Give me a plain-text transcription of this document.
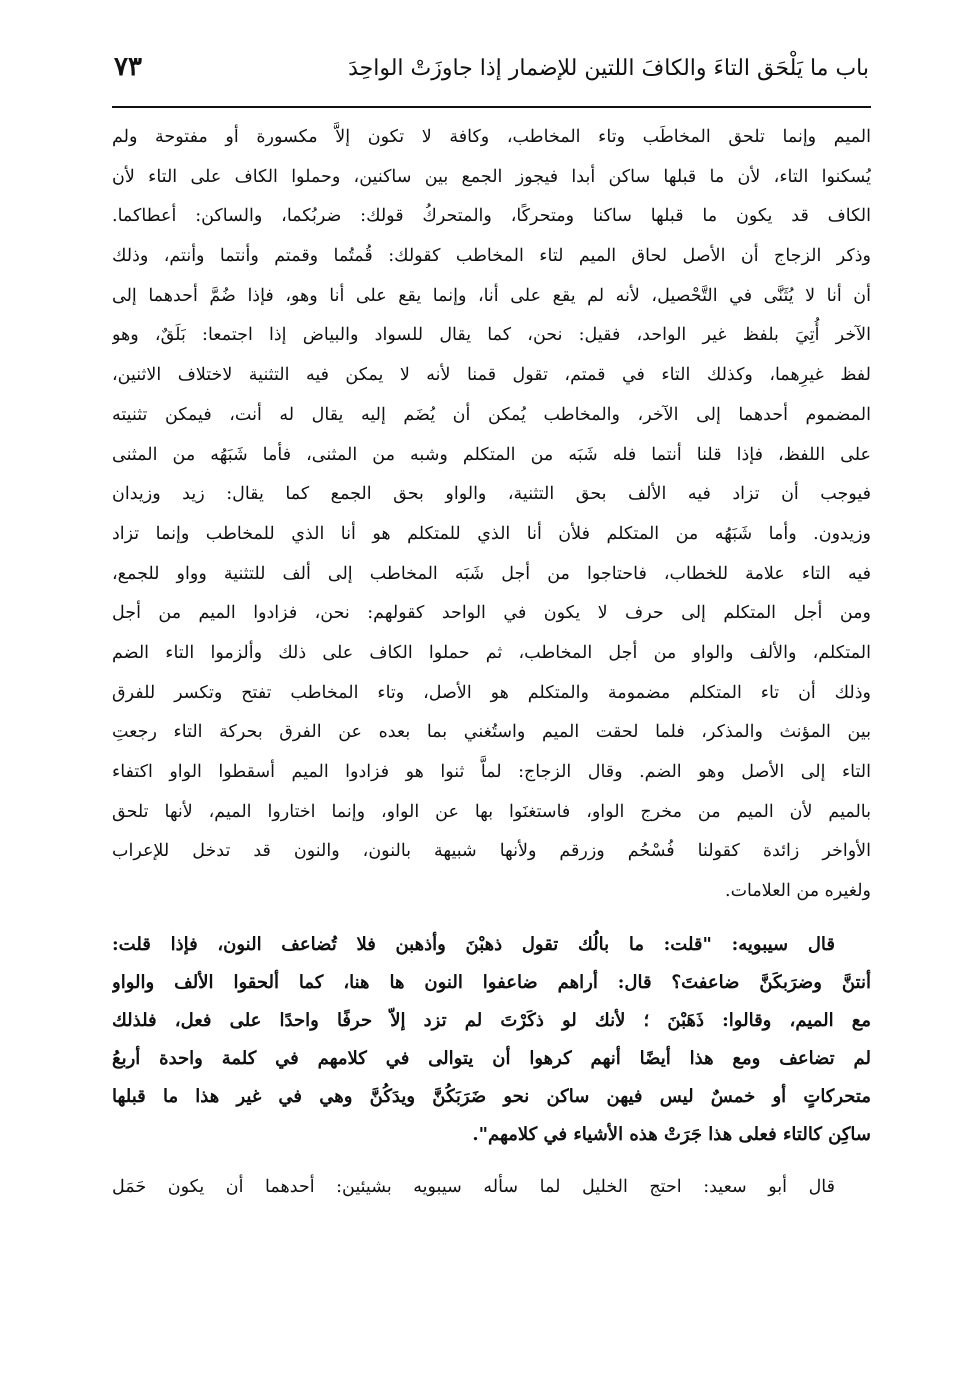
باب ما يَلْحَق التاءَ والكافَ اللتين للإضمار إذا جاوزَتْ الواحِدَ
٧٣
الميم وإنما تلحق المخاطَب وتاء المخاطب، وكافة لا تكون إلاَّ مكسورة أو مفتوحة ولم
يُسكنوا التاء، لأن ما قبلها ساكن أبدا فيجوز الجمع بين ساكنين، وحملوا الكاف على التاء لأن
الكاف قد يكون ما قبلها ساكنا ومتحركًا، والمتحركُ قولك: ضربُكما، والساكن: أعطاكما.
وذكر الزجاج أن الأصل لحاق الميم لتاء المخاطب كقولك: قُمتُما وقمتم وأنتما وأنتم، وذلك
أن أنا لا يُثَنَّى في التَّحْصيل، لأنه لم يقع على أنا، وإنما يقع على أنا وهو، فإذا ضُمَّ أحدهما إلى
الآخر أُتِيَ بلفظ غير الواحد، فقيل: نحن، كما يقال للسواد والبياض إذا اجتمعا: بَلَقٌ، وهو
لفظ غيرِهما، وكذلك التاء في قمتم، تقول قمنا لأنه لا يمكن فيه التثنية لاختلاف الاثنين،
المضموم أحدهما إلى الآخر، والمخاطب يُمكن أن يُضَم إليه يقال له أنت، فيمكن تثنيته
على اللفظ، فإذا قلنا أنتما فله شَبَه من المتكلم وشبه من المثنى، فأما شَبَهُه من المثنى
فيوجب أن تزاد فيه الألف بحق التثنية، والواو بحق الجمع كما يقال: زيد وزيدان
وزيدون. وأما شَبَهُه من المتكلم فلأن أنا الذي للمتكلم هو أنا الذي للمخاطب وإنما تزاد
فيه التاء علامة للخطاب، فاحتاجوا من أجل شَبَه المخاطب إلى ألف للتثنية وواو للجمع،
ومن أجل المتكلم إلى حرف لا يكون في الواحد كقولهم: نحن، فزادوا الميم من أجل
المتكلم، والألف والواو من أجل المخاطب، ثم حملوا الكاف على ذلك وألزموا التاء الضم
وذلك أن تاء المتكلم مضمومة والمتكلم هو الأصل، وتاء المخاطب تفتح وتكسر للفرق
بين المؤنث والمذكر، فلما لحقت الميم واستُغني بما بعده عن الفرق بحركة التاء رجعتِ
التاء إلى الأصل وهو الضم. وقال الزجاج: لماَّ ثنوا هو فزادوا الميم أسقطوا الواو اكتفاء
بالميم لأن الميم من مخرج الواو، فاستغنَوا بها عن الواو، وإنما اختاروا الميم، لأنها تلحق
الأواخر زائدة كقولنا فُسْحُم وزرقم ولأنها شبيهة بالنون، والنون قد تدخل للإعراب
ولغيره من العلامات.
قال سيبويه: "قلت: ما بالُك تقول ذهبْنَ وأذهبن فلا تُضاعف النون، فإذا قلت:
أنتنَّ وضرَبكَنَّ ضاعفتَ؟ قال: أراهم ضاعفوا النون ها هنا، كما ألحقوا الألف والواو
مع الميم، وقالوا: ذَهَبْنَ ؛ لأنك لو ذكَرْتَ لم تزد إلاّ حرفًا واحدًا على فعل، فلذلك
لم تضاعف ومع هذا أيضًا أنهم كرهوا أن يتوالى في كلامهم في كلمة واحدة أربعُ
متحركاتٍ أو خمسٌ ليس فيهن ساكن نحو ضَرَبَكُنَّ ويدَكُنَّ وهي في غير هذا ما قبلها
ساكِن كالتاء فعلى هذا جَرَتْ هذه الأشياء في كلامهم".
قال أبو سعيد: احتج الخليل لما سأله سيبويه بشيئين: أحدهما أن يكون حَمَل
